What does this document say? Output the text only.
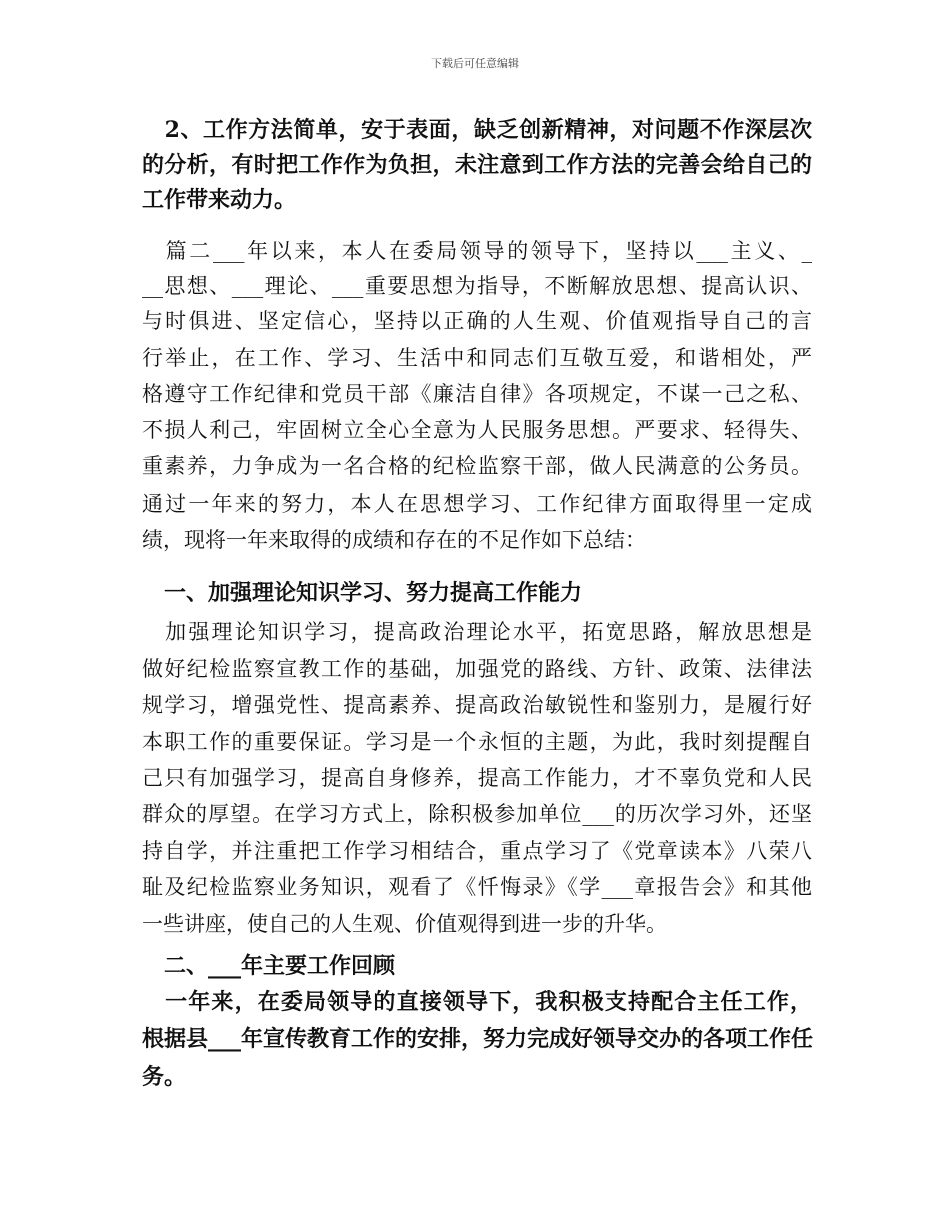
下载后可任意编辑
　2、工作方法简单，安于表面，缺乏创新精神，对问题不作深层次
的分析，有时把工作作为负担，未注意到工作方法的完善会给自己的
工作带来动力。
　篇二___年以来，本人在委局领导的领导下，坚持以___主义、_
__思想、___理论、___重要思想为指导，不断解放思想、提高认识、
与时俱进、坚定信心，坚持以正确的人生观、价值观指导自己的言
行举止，在工作、学习、生活中和同志们互敬互爱，和谐相处，严
格遵守工作纪律和党员干部《廉洁自律》各项规定，不谋一己之私、
不损人利己，牢固树立全心全意为人民服务思想。严要求、轻得失、
重素养，力争成为一名合格的纪检监察干部，做人民满意的公务员。
通过一年来的努力，本人在思想学习、工作纪律方面取得里一定成
绩，现将一年来取得的成绩和存在的不足作如下总结：
　一、加强理论知识学习、努力提高工作能力
　加强理论知识学习，提高政治理论水平，拓宽思路，解放思想是
做好纪检监察宣教工作的基础，加强党的路线、方针、政策、法律法
规学习，增强党性、提高素养、提高政治敏锐性和鉴别力，是履行好
本职工作的重要保证。学习是一个永恒的主题，为此，我时刻提醒自
己只有加强学习，提高自身修养，提高工作能力，才不辜负党和人民
群众的厚望。在学习方式上，除积极参加单位___的历次学习外，还坚
持自学，并注重把工作学习相结合，重点学习了《党章读本》八荣八
耻及纪检监察业务知识，观看了《忏悔录》《学___章报告会》和其他
一些讲座，使自己的人生观、价值观得到进一步的升华。
　二、___年主要工作回顾
　一年来，在委局领导的直接领导下，我积极支持配合主任工作，
根据县___年宣传教育工作的安排，努力完成好领导交办的各项工作任
务。
